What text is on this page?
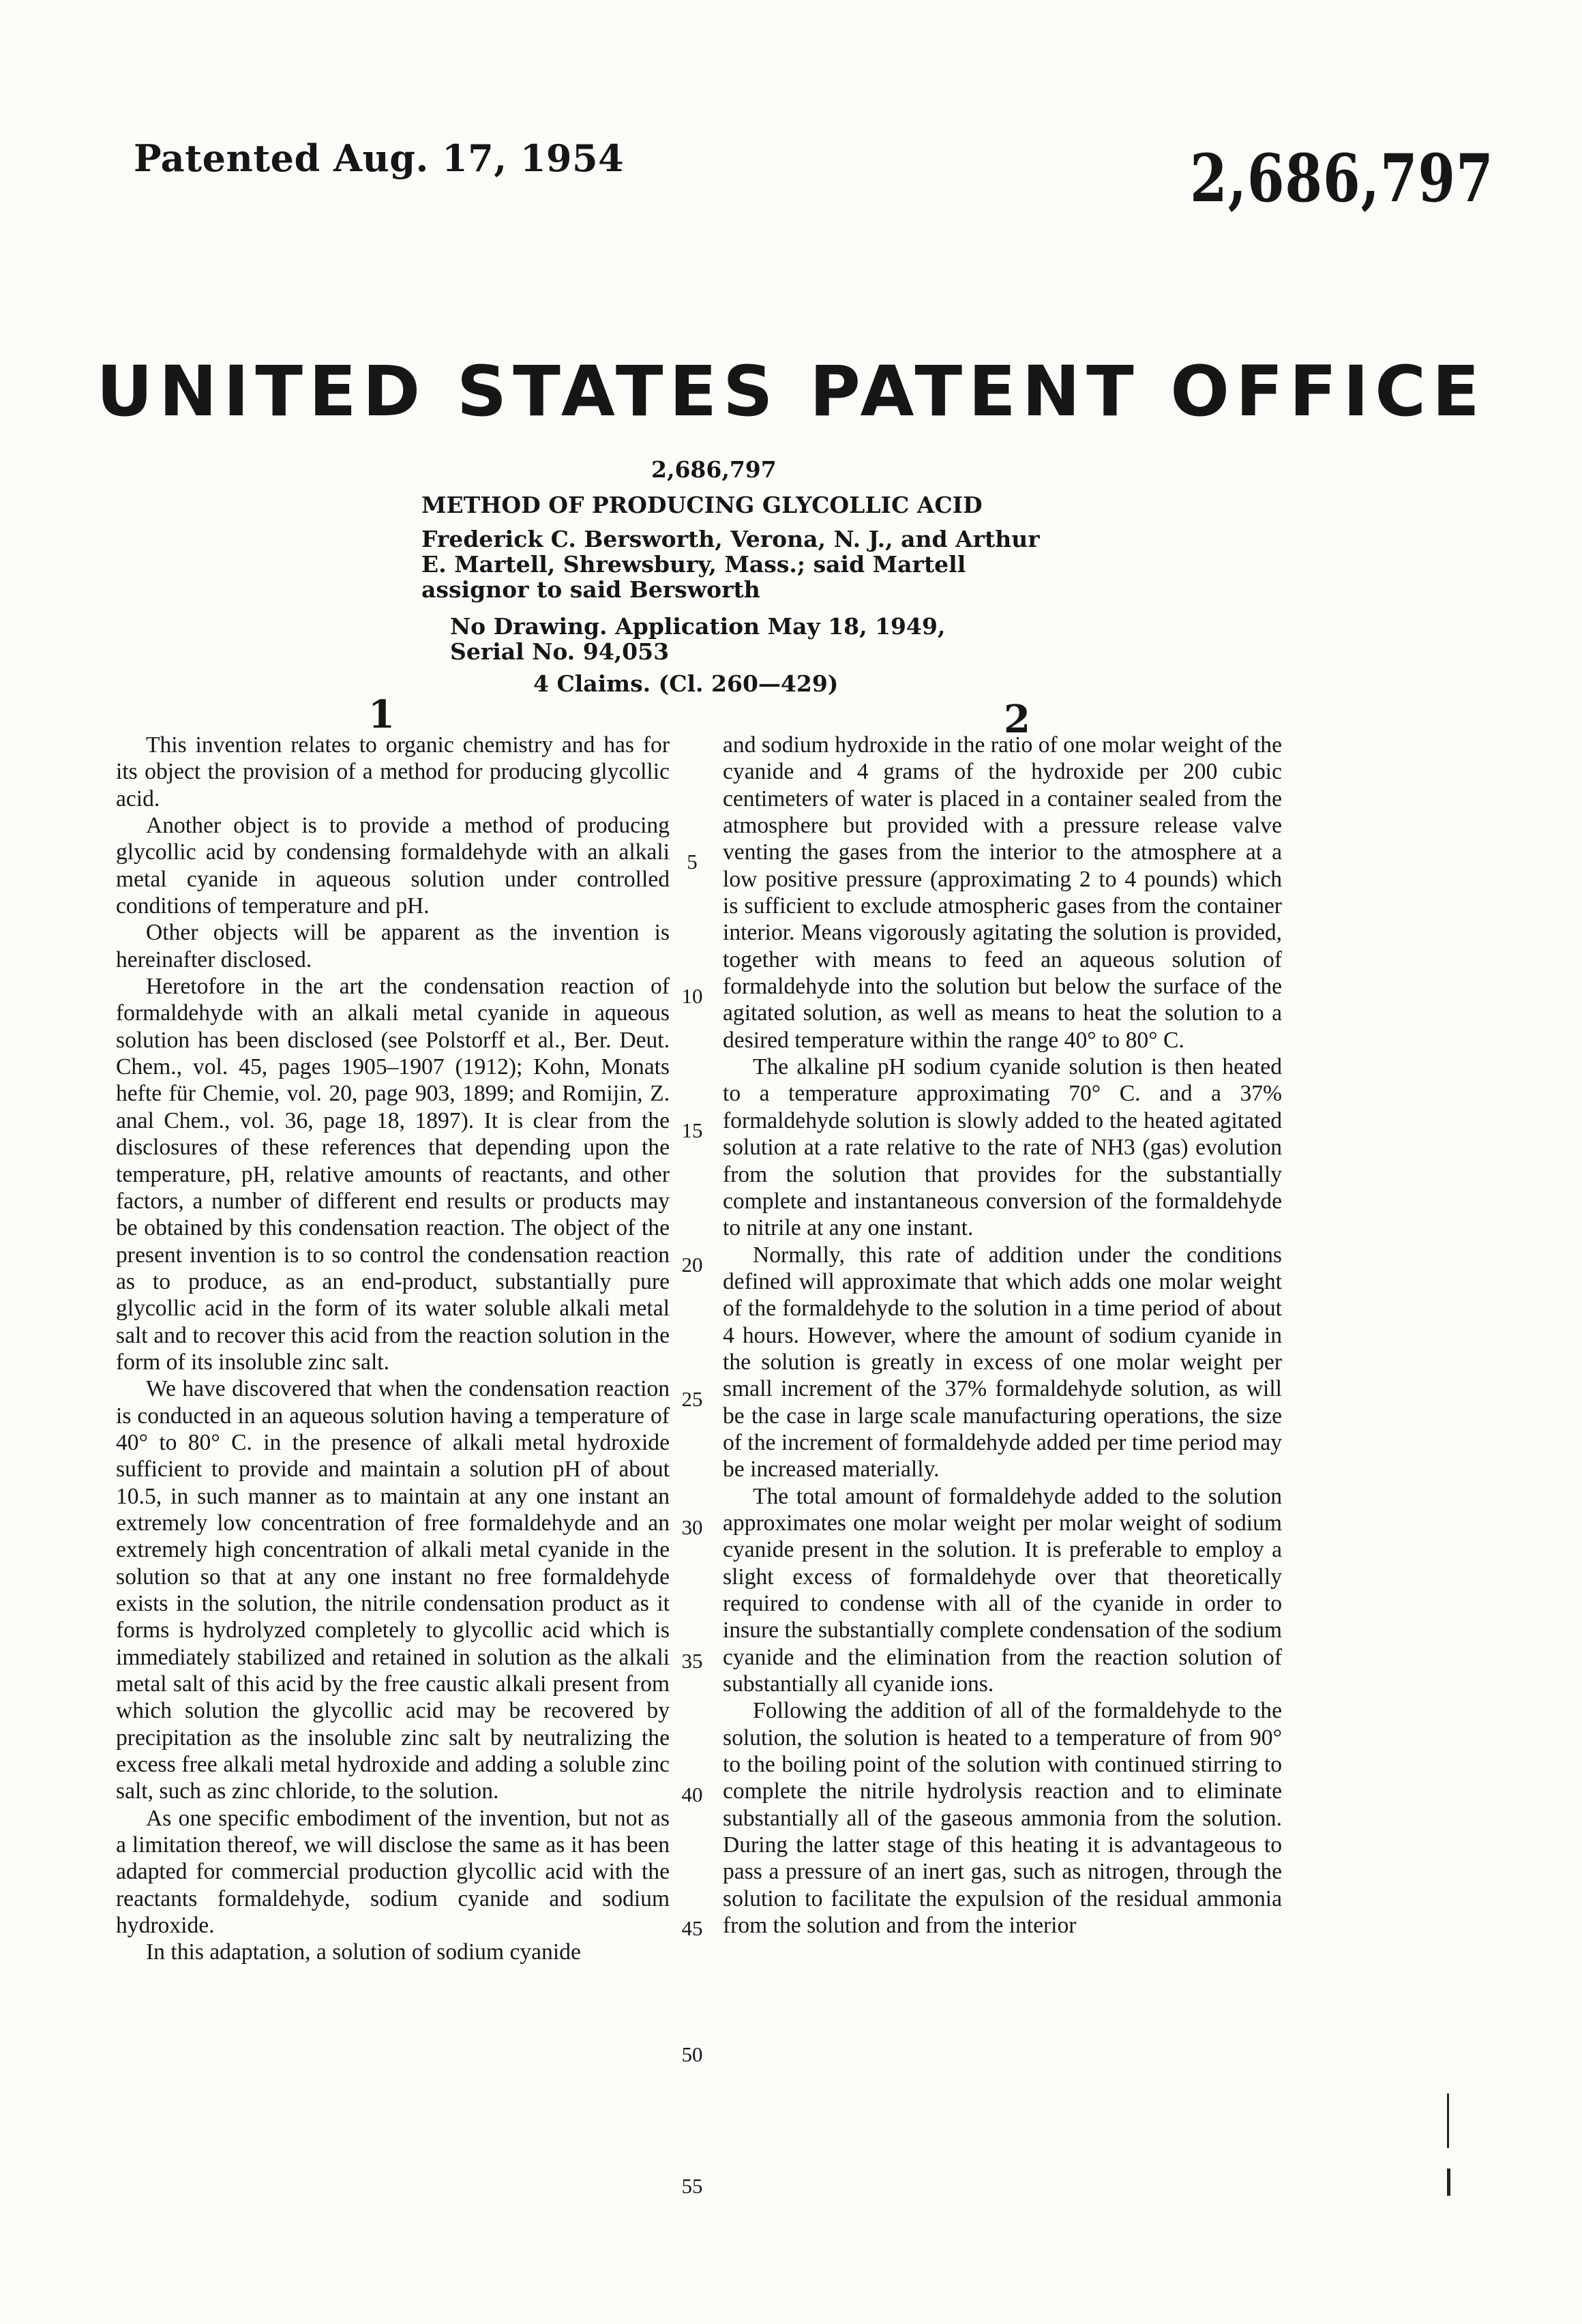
Patented Aug. 17, 1954	2,686,797
UNITED STATES PATENT OFFICE
2,686,797
METHOD OF PRODUCING GLYCOLLIC ACID
Frederick C. Bersworth, Verona, N. J., and Arthur E. Martell, Shrewsbury, Mass.; said Martell assignor to said Bersworth
No Drawing. Application May 18, 1949, Serial No. 94,053
4 Claims. (Cl. 260—429)
1	2

This invention relates to organic chemistry and has for its object the provision of a method for producing glycollic acid.

Another object is to provide a method of producing glycollic acid by condensing formaldehyde with an alkali metal cyanide in aqueous solution under controlled conditions of temperature and pH.

Other objects will be apparent as the invention is hereinafter disclosed.

Heretofore in the art the condensation reaction of formaldehyde with an alkali metal cyanide in aqueous solution has been disclosed (see Polstorff et al., Ber. Deut. Chem., vol. 45, pages 1905–1907 (1912); Kohn, Monats hefte für Chemie, vol. 20, page 903, 1899; and Romijin, Z. anal Chem., vol. 36, page 18, 1897). It is clear from the disclosures of these references that depending upon the temperature, pH, relative amounts of reactants, and other factors, a number of different end results or products may be obtained by this condensation reaction. The object of the present invention is to so control the condensation reaction as to produce, as an end-product, substantially pure glycollic acid in the form of its water soluble alkali metal salt and to recover this acid from the reaction solution in the form of its insoluble zinc salt.

We have discovered that when the condensation reaction is conducted in an aqueous solution having a temperature of 40° to 80° C. in the presence of alkali metal hydroxide sufficient to provide and maintain a solution pH of about 10.5, in such manner as to maintain at any one instant an extremely low concentration of free formaldehyde and an extremely high concentration of alkali metal cyanide in the solution so that at any one instant no free formaldehyde exists in the solution, the nitrile condensation product as it forms is hydrolyzed completely to glycollic acid which is immediately stabilized and retained in solution as the alkali metal salt of this acid by the free caustic alkali present from which solution the glycollic acid may be recovered by precipitation as the insoluble zinc salt by neutralizing the excess free alkali metal hydroxide and adding a soluble zinc salt, such as zinc chloride, to the solution.

As one specific embodiment of the invention, but not as a limitation thereof, we will disclose the same as it has been adapted for commercial production glycollic acid with the reactants formaldehyde, sodium cyanide and sodium hydroxide.

In this adaptation, a solution of sodium cyanide

and sodium hydroxide in the ratio of one molar weight of the cyanide and 4 grams of the hydroxide per 200 cubic centimeters of water is placed in a container sealed from the atmosphere but provided with a pressure release valve venting the gases from the interior to the atmosphere at a low positive pressure (approximating 2 to 4 pounds) which is sufficient to exclude atmospheric gases from the container interior. Means vigorously agitating the solution is provided, together with means to feed an aqueous solution of formaldehyde into the solution but below the surface of the agitated solution, as well as means to heat the solution to a desired temperature within the range 40° to 80° C.

The alkaline pH sodium cyanide solution is then heated to a temperature approximating 70° C. and a 37% formaldehyde solution is slowly added to the heated agitated solution at a rate relative to the rate of NH3 (gas) evolution from the solution that provides for the substantially complete and instantaneous conversion of the formaldehyde to nitrile at any one instant.

Normally, this rate of addition under the conditions defined will approximate that which adds one molar weight of the formaldehyde to the solution in a time period of about 4 hours. However, where the amount of sodium cyanide in the solution is greatly in excess of one molar weight per small increment of the 37% formaldehyde solution, as will be the case in large scale manufacturing operations, the size of the increment of formaldehyde added per time period may be increased materially.

The total amount of formaldehyde added to the solution approximates one molar weight per molar weight of sodium cyanide present in the solution. It is preferable to employ a slight excess of formaldehyde over that theoretically required to condense with all of the cyanide in order to insure the substantially complete condensation of the sodium cyanide and the elimination from the reaction solution of substantially all cyanide ions.

Following the addition of all of the formaldehyde to the solution, the solution is heated to a temperature of from 90° to the boiling point of the solution with continued stirring to complete the nitrile hydrolysis reaction and to eliminate substantially all of the gaseous ammonia from the solution. During the latter stage of this heating it is advantageous to pass a pressure of an inert gas, such as nitrogen, through the solution to facilitate the expulsion of the residual ammonia from the solution and from the interior

5
10
15
20
25
30
35
40
45
50
55
